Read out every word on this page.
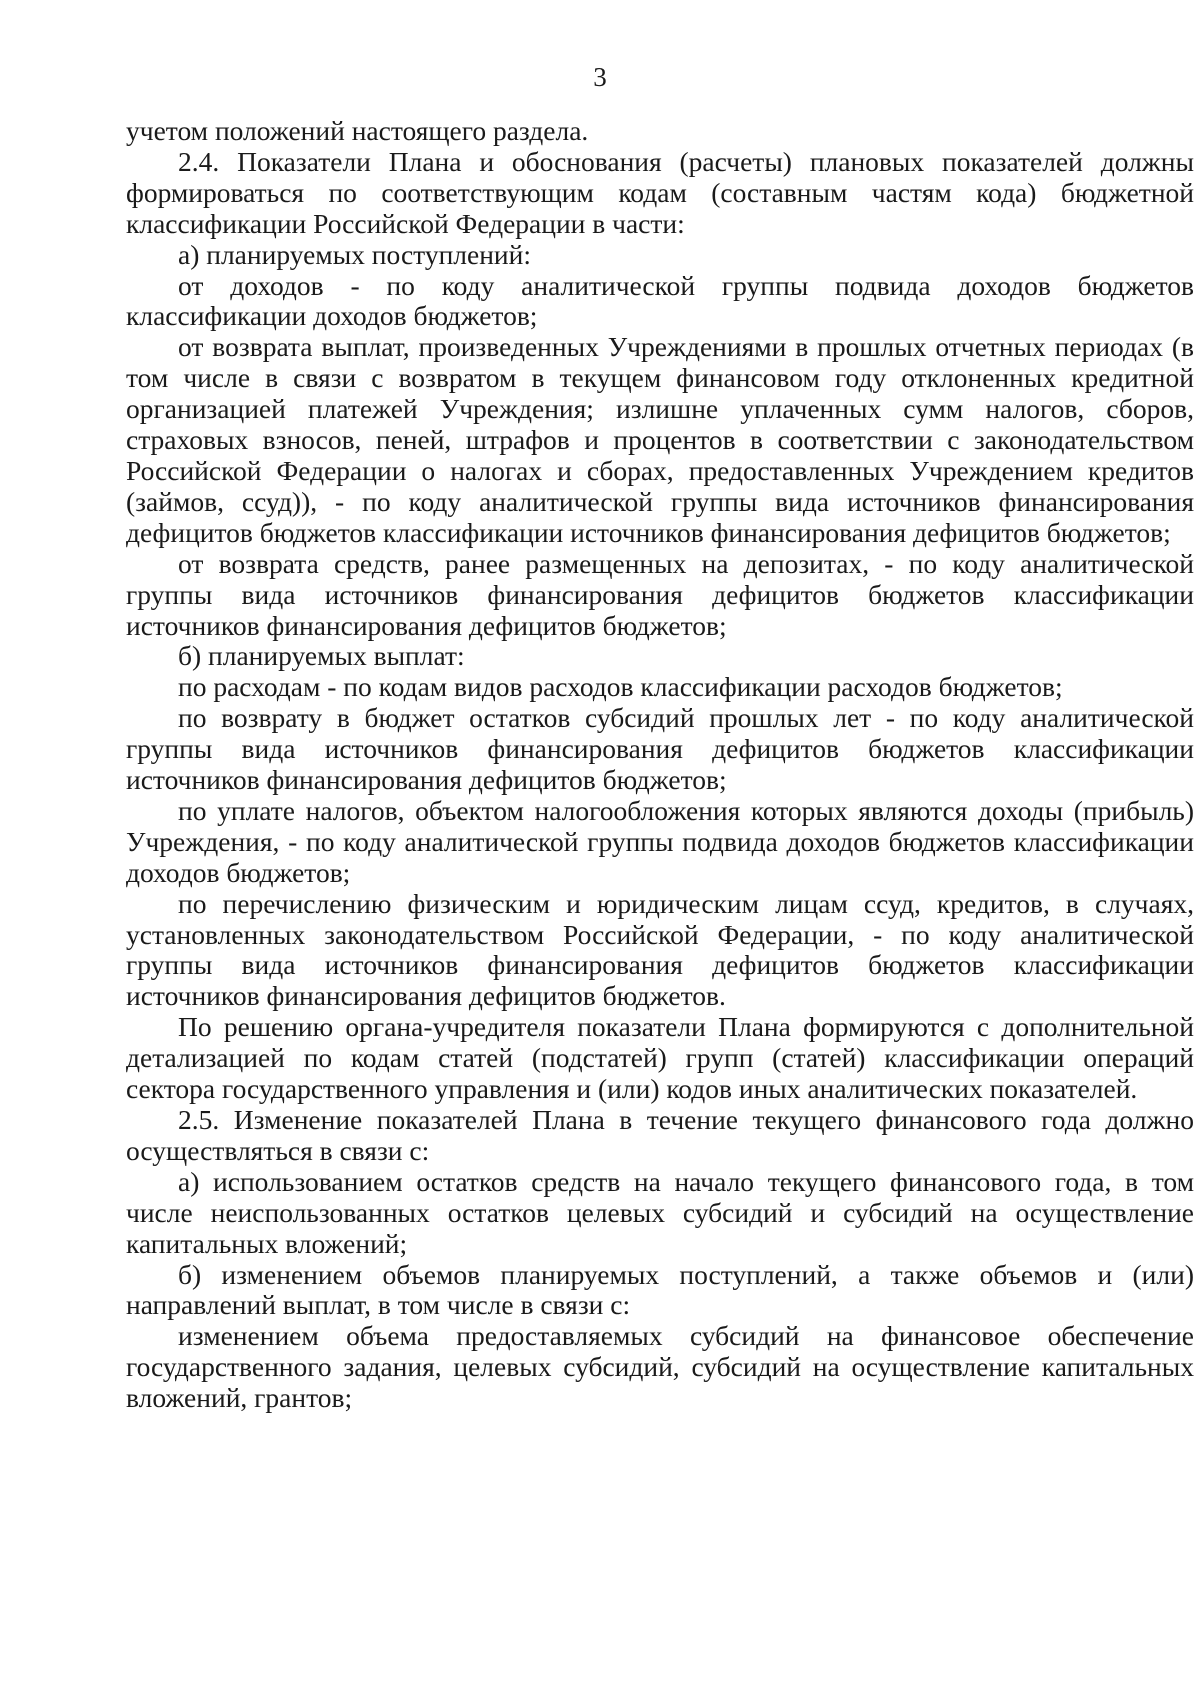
3

учетом положений настоящего раздела.

2.4. Показатели Плана и обоснования (расчеты) плановых показателей должны формироваться по соответствующим кодам (составным частям кода) бюджетной классификации Российской Федерации в части:

а) планируемых поступлений:

от доходов - по коду аналитической группы подвида доходов бюджетов классификации доходов бюджетов;

от возврата выплат, произведенных Учреждениями в прошлых отчетных периодах (в том числе в связи с возвратом в текущем финансовом году отклоненных кредитной организацией платежей Учреждения; излишне уплаченных сумм налогов, сборов, страховых взносов, пеней, штрафов и процентов в соответствии с законодательством Российской Федерации о налогах и сборах, предоставленных Учреждением кредитов (займов, ссуд)), - по коду аналитической группы вида источников финансирования дефицитов бюджетов классификации источников финансирования дефицитов бюджетов;

от возврата средств, ранее размещенных на депозитах, - по коду аналитической группы вида источников финансирования дефицитов бюджетов классификации источников финансирования дефицитов бюджетов;

б) планируемых выплат:

по расходам - по кодам видов расходов классификации расходов бюджетов;

по возврату в бюджет остатков субсидий прошлых лет - по коду аналитической группы вида источников финансирования дефицитов бюджетов классификации источников финансирования дефицитов бюджетов;

по уплате налогов, объектом налогообложения которых являются доходы (прибыль) Учреждения, - по коду аналитической группы подвида доходов бюджетов классификации доходов бюджетов;

по перечислению физическим и юридическим лицам ссуд, кредитов, в случаях, установленных законодательством Российской Федерации, - по коду аналитической группы вида источников финансирования дефицитов бюджетов классификации источников финансирования дефицитов бюджетов.

По решению органа-учредителя показатели Плана формируются с дополнительной детализацией по кодам статей (подстатей) групп (статей) классификации операций сектора государственного управления и (или) кодов иных аналитических показателей.

2.5. Изменение показателей Плана в течение текущего финансового года должно осуществляться в связи с:

а) использованием остатков средств на начало текущего финансового года, в том числе неиспользованных остатков целевых субсидий и субсидий на осуществление капитальных вложений;

б) изменением объемов планируемых поступлений, а также объемов и (или) направлений выплат, в том числе в связи с:

изменением объема предоставляемых субсидий на финансовое обеспечение государственного задания, целевых субсидий, субсидий на осуществление капитальных вложений, грантов;
